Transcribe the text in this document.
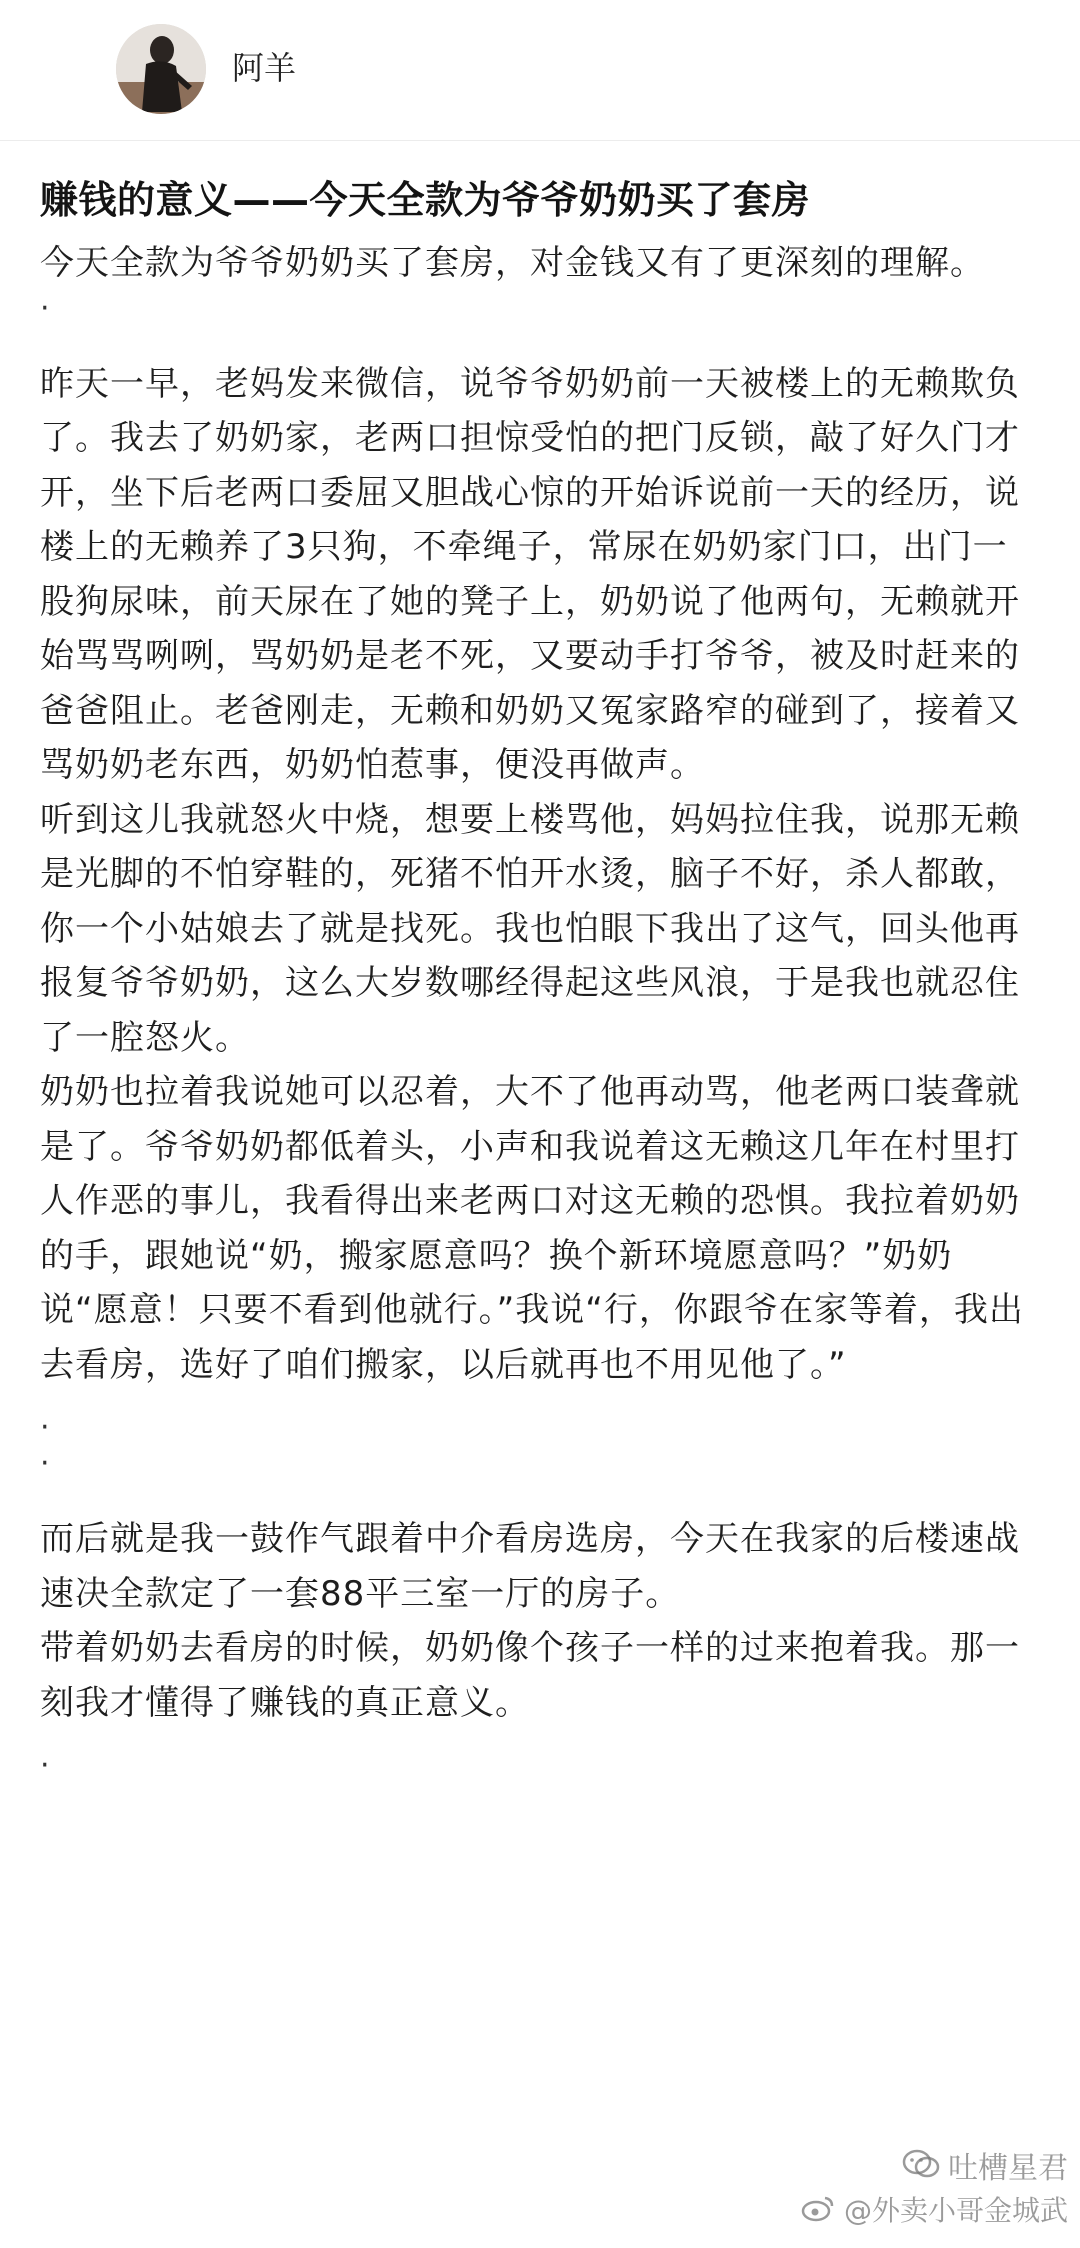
阿羊
赚钱的意义——今天全款为爷爷奶奶买了套房

今天全款为爷爷奶奶买了套房，对金钱又有了更深刻的理解。

·

昨天一早，老妈发来微信，说爷爷奶奶前一天被楼上的无赖欺负了。我去了奶奶家，老两口担惊受怕的把门反锁，敲了好久门才开，坐下后老两口委屈又胆战心惊的开始诉说前一天的经历，说楼上的无赖养了3只狗，不牵绳子，常尿在奶奶家门口，出门一股狗尿味，前天尿在了她的凳子上，奶奶说了他两句，无赖就开始骂骂咧咧，骂奶奶是老不死，又要动手打爷爷，被及时赶来的爸爸阻止。老爸刚走，无赖和奶奶又冤家路窄的碰到了，接着又骂奶奶老东西，奶奶怕惹事，便没再做声。

听到这儿我就怒火中烧，想要上楼骂他，妈妈拉住我，说那无赖是光脚的不怕穿鞋的，死猪不怕开水烫，脑子不好，杀人都敢，你一个小姑娘去了就是找死。我也怕眼下我出了这气，回头他再报复爷爷奶奶，这么大岁数哪经得起这些风浪，于是我也就忍住了一腔怒火。

奶奶也拉着我说她可以忍着，大不了他再动骂，他老两口装聋就是了。爷爷奶奶都低着头，小声和我说着这无赖这几年在村里打人作恶的事儿，我看得出来老两口对这无赖的恐惧。我拉着奶奶的手，跟她说“奶，搬家愿意吗？换个新环境愿意吗？”奶奶说“愿意！只要不看到他就行。”我说“行，你跟爷在家等着，我出去看房，选好了咱们搬家，以后就再也不用见他了。”

·
·

而后就是我一鼓作气跟着中介看房选房，今天在我家的后楼速战速决全款定了一套88平三室一厅的房子。

带着奶奶去看房的时候，奶奶像个孩子一样的过来抱着我。那一刻我才懂得了赚钱的真正意义。

·
吐槽星君
@外卖小哥金城武
